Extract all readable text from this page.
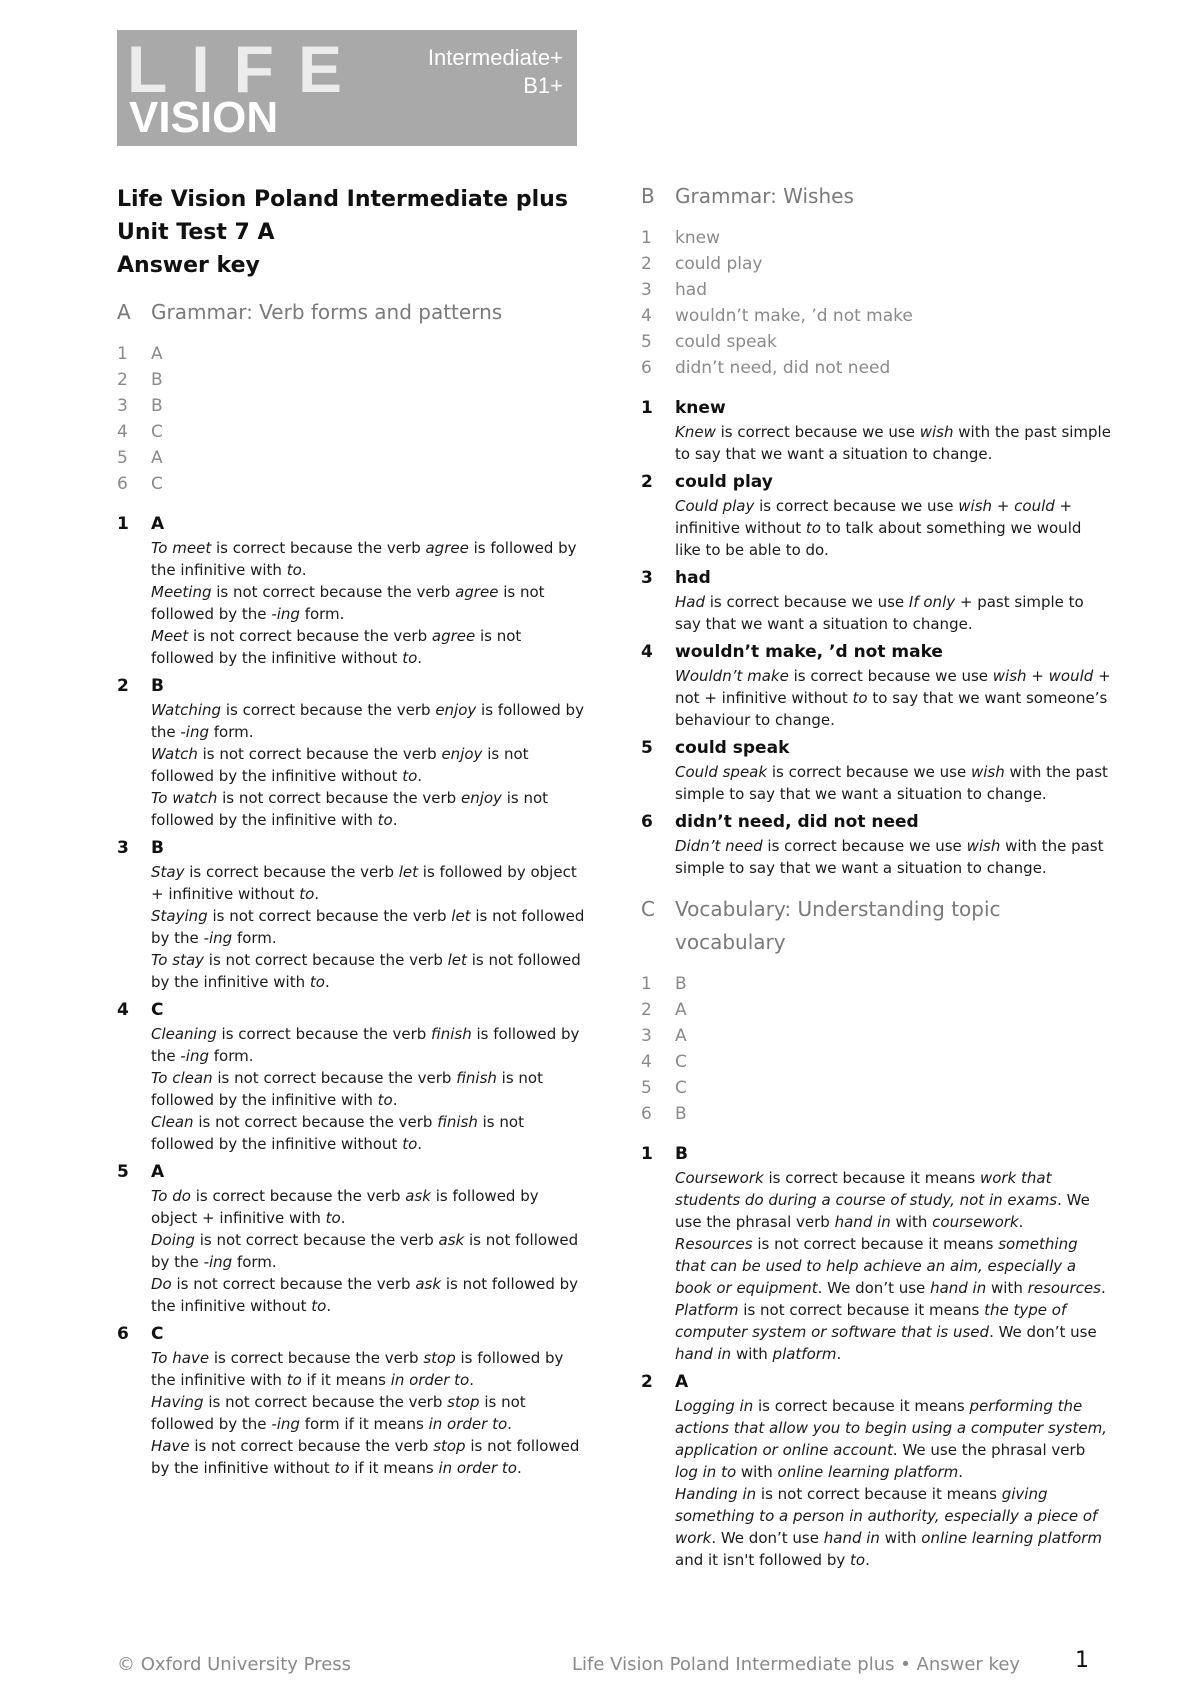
LIFE
VISION
Intermediate+
B1+

Life Vision Poland Intermediate plus

Unit Test 7 A

Answer key

A	Grammar: Verb forms and patterns
1	A
2	B
3	B
4	C
5	A
6	C
1	A

To meet is correct because the verb agree is followed by the infinitive with to.

Meeting is not correct because the verb agree is not followed by the -ing form.

Meet is not correct because the verb agree is not followed by the infinitive without to.

2	B

Watching is correct because the verb enjoy is followed by the -ing form.

Watch is not correct because the verb enjoy is not followed by the infinitive without to.

To watch is not correct because the verb enjoy is not followed by the infinitive with to.

3	B

Stay is correct because the verb let is followed by object + infinitive without to.

Staying is not correct because the verb let is not followed by the -ing form.

To stay is not correct because the verb let is not followed by the infinitive with to.

4	C

Cleaning is correct because the verb finish is followed by the -ing form.

To clean is not correct because the verb finish is not followed by the infinitive with to.

Clean is not correct because the verb finish is not followed by the infinitive without to.

5	A

To do is correct because the verb ask is followed by object + infinitive with to.

Doing is not correct because the verb ask is not followed by the -ing form.

Do is not correct because the verb ask is not followed by the infinitive without to.

6	C

To have is correct because the verb stop is followed by the infinitive with to if it means in order to.

Having is not correct because the verb stop is not followed by the -ing form if it means in order to.

Have is not correct because the verb stop is not followed by the infinitive without to if it means in order to.

B	Grammar: Wishes
1	knew
2	could play
3	had
4	wouldn’t make, ’d not make
5	could speak
6	didn’t need, did not need
1	knew

Knew is correct because we use wish with the past simple to say that we want a situation to change.

2	could play

Could play is correct because we use wish + could + infinitive without to to talk about something we would like to be able to do.

3	had

Had is correct because we use If only + past simple to say that we want a situation to change.

4	wouldn’t make, ’d not make

Wouldn’t make is correct because we use wish + would + not + infinitive without to to say that we want someone’s behaviour to change.

5	could speak

Could speak is correct because we use wish with the past simple to say that we want a situation to change.

6	didn’t need, did not need

Didn’t need is correct because we use wish with the past simple to say that we want a situation to change.

C	Vocabulary: Understanding topic vocabulary
1	B
2	A
3	A
4	C
5	C
6	B
1	B

Coursework is correct because it means work that students do during a course of study, not in exams. We use the phrasal verb hand in with coursework.

Resources is not correct because it means something that can be used to help achieve an aim, especially a book or equipment. We don’t use hand in with resources.

Platform is not correct because it means the type of computer system or software that is used. We don’t use hand in with platform.

2	A

Logging in is correct because it means performing the actions that allow you to begin using a computer system, application or online account. We use the phrasal verb log in to with online learning platform.

Handing in is not correct because it means giving something to a person in authority, especially a piece of work. We don’t use hand in with online learning platform and it isn't followed by to.

© Oxford University Press	Life Vision Poland Intermediate plus • Answer key 1
